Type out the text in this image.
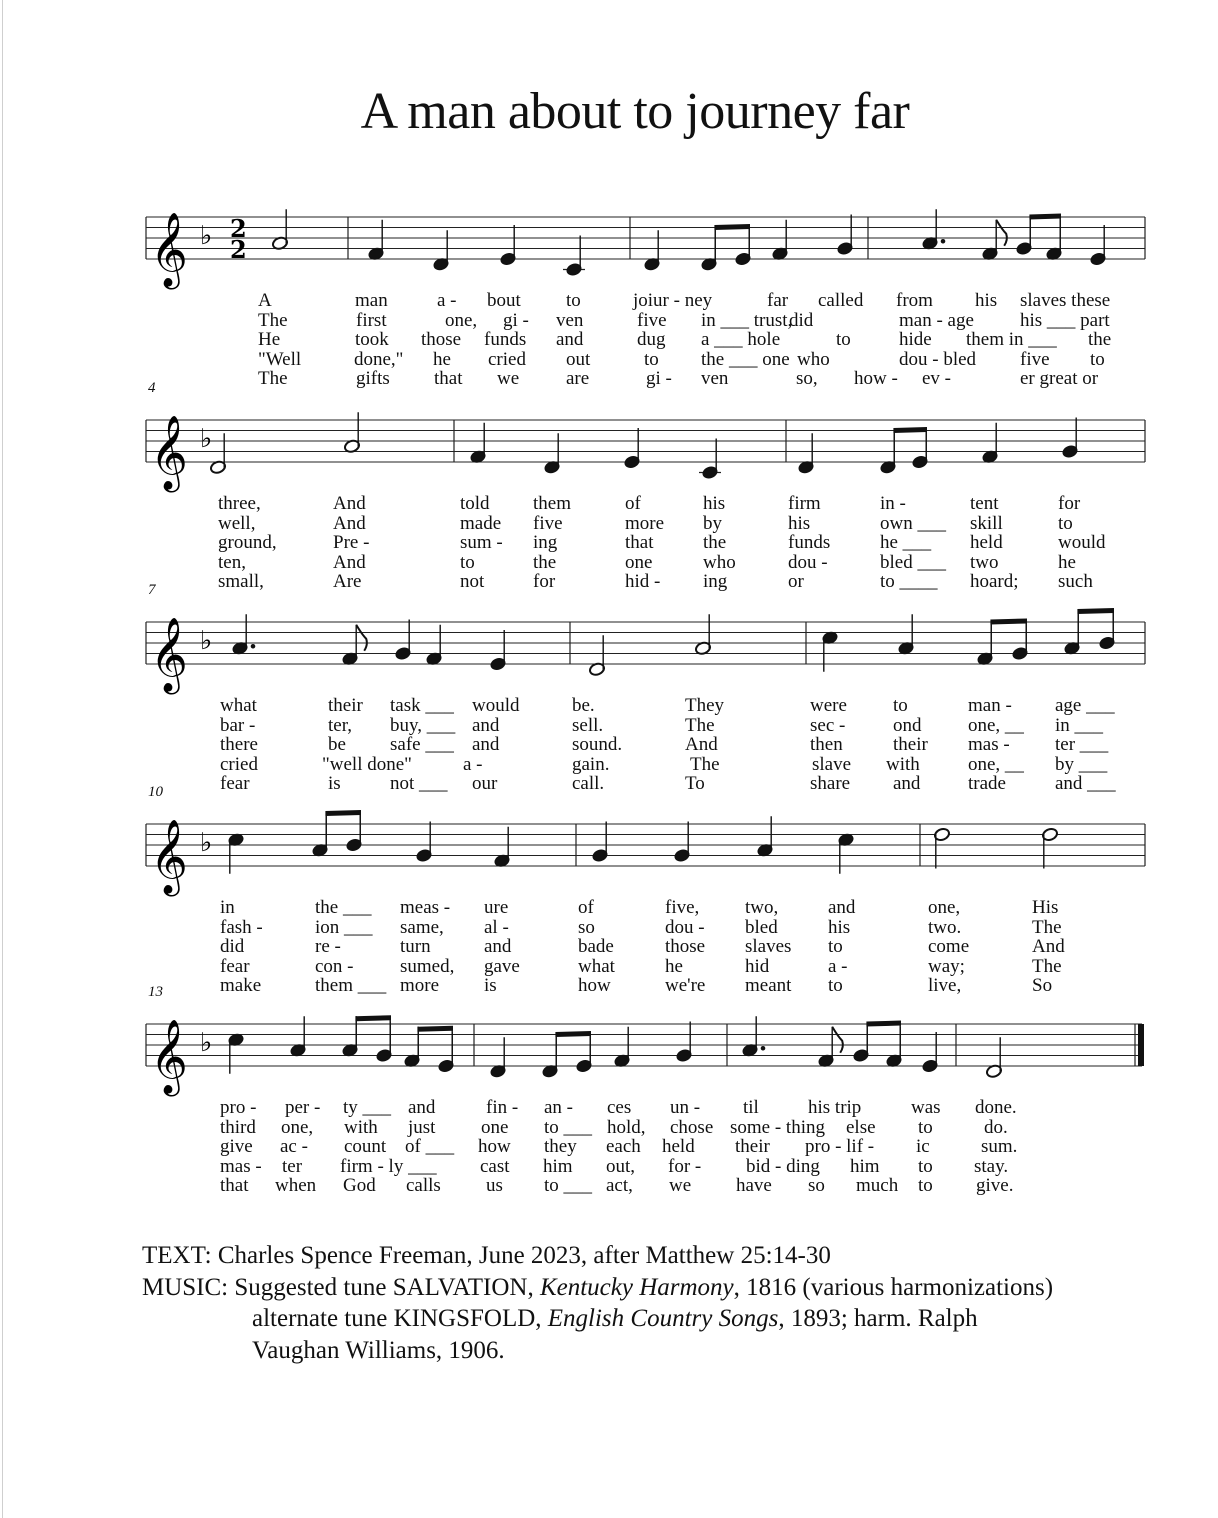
A man about to journey far
𝄞 ♭ 2
2
A	man	a - bout to	joiur - ney	far called from his slaves these
The	first	one, gi - ven	five in ___ trust,
did	man - age his ___ part
He	took those funds and	dug a ___ hole	to	hide them in ___ the
"Well	done," he cried out	to the ___ one who	dou - bled five to
The	gifts that we are	gi - ven	so, how - ev -	er great or
4
𝄞 ♭
three,	And	told them	of	his	firm	in -	tent	for
well,	And	made five	more by	his	own ___ skill	to
ground,	Pre -	sum - ing	that	the	funds	he ___ held	would
ten,	And	to	the	one	who	dou -	bled ___ two	he
small,	Are	not	for	hid - ing	or	to ____ hoard; such
7
𝄞 ♭
what	their task ___ would	be.	They	were to	man - age ___
bar -	ter, buy, ___ and	sell.	The	sec -	ond one, __ in ___
there	be safe ___ and	sound.	And	then	their mas - ter ___
cried	"well done"	a -	gain.	The	slave with	one, __ by ___
fear	is	not ___ our	call.	To	share and	trade	and ___
10
𝄞 ♭
in	the ___ meas - ure	of	five, two,	and	one,	His
fash -	ion ___ same, al -	so	dou - bled	his	two.	The
did	re -	turn	and	bade	those slaves to	come	And
fear	con - sumed, gave	what	he	hid	a -	way;	The
make	them ___ more is	how	we're meant to	live,	So
13
𝄞 ♭
pro - per - ty ___ and	fin - an - ces un - til	his trip	was done.
third one, with just one to ___ hold, chose some - thing else to	do.
give ac - count of ___ how they each held their pro - lif - ic	sum.
mas - ter firm - ly ___ cast him out, for - bid - ding him to stay.
that when God calls us to ___ act, we have so much to give.
TEXT: Charles Spence Freeman, June 2023, after Matthew 25:14-30
MUSIC: Suggested tune SALVATION, Kentucky Harmony, 1816 (various harmonizations)
alternate tune KINGSFOLD, English Country Songs, 1893; harm. Ralph
Vaughan Williams, 1906.
